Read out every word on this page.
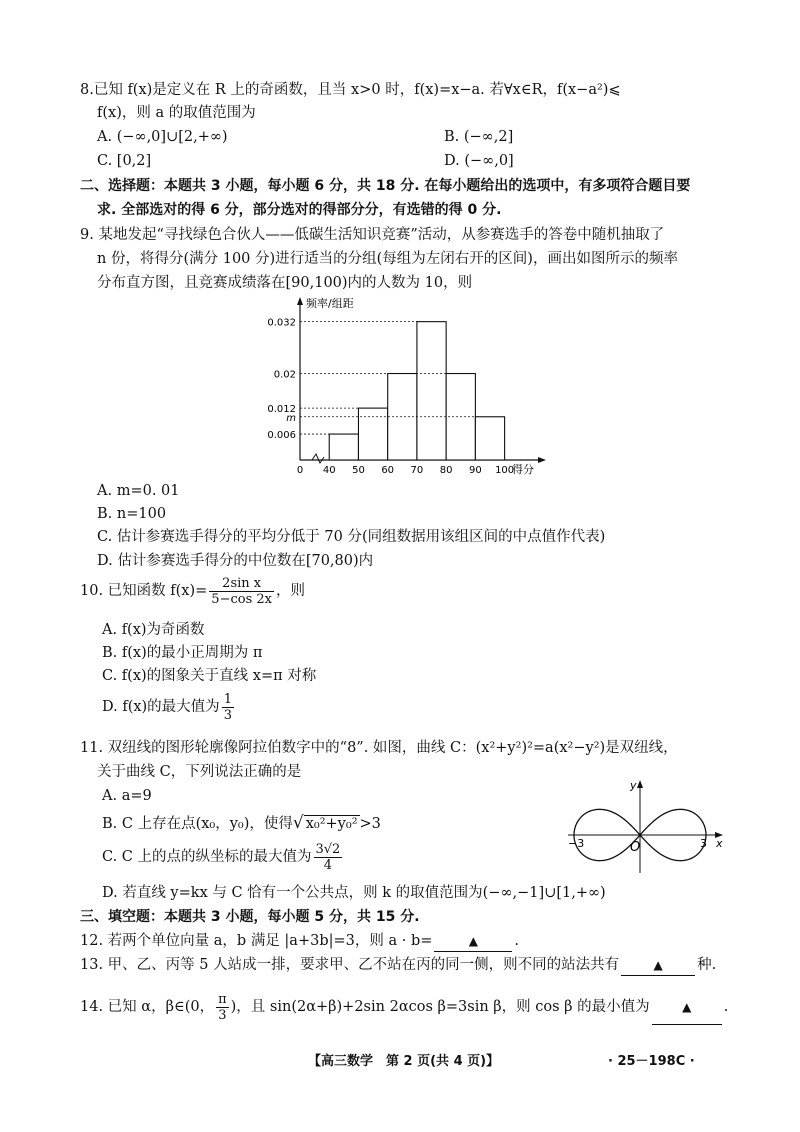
8.已知 f(x)是定义在 R 上的奇函数，且当 x>0 时，f(x)=x−a. 若∀x∈R，f(x−a²)⩽
f(x)，则 a 的取值范围为
A. (−∞,0]∪[2,+∞)	B. (−∞,2]
C. [0,2]	D. (−∞,0]
二、选择题：本题共 3 小题，每小题 6 分，共 18 分. 在每小题给出的选项中，有多项符合题目要
求. 全部选对的得 6 分，部分选对的得部分分，有选错的得 0 分.
9. 某地发起“寻找绿色合伙人——低碳生活知识竞赛”活动，从参赛选手的答卷中随机抽取了
n 份，将得分(满分 100 分)进行适当的分组(每组为左闭右开的区间)，画出如图所示的频率
分布直方图，且竞赛成绩落在[90,100)内的人数为 10，则
频率/组距
得分
0.032
0.02
0.012
m
0.006
0 40 50 60 70 80 90 100
A. m=0. 01
B. n=100
C. 估计参赛选手得分的平均分低于 70 分(同组数据用该组区间的中点值作代表)
D. 估计参赛选手得分的中位数在[70,80)内
10. 已知函数 $f(x)= \frac{\text{2sin x}}{5-\cos 2x}$ ，则
A. f(x)为奇函数
B. f(x)的最小正周期为 π
C. f(x)的图象关于直线 x=π 对称
D. f(x)的最大值为 $\frac{1}{3}$
11. 双纽线的图形轮廓像阿拉伯数字中的“8”. 如图，曲线 C：(x²+y²)²=a(x²−y²)是双纽线，
关于曲线 C，下列说法正确的是
A. a=9
B. C 上存在点(x₀，y₀)，使得√ x₀²+y₀² >3
C. C 上的点的纵坐标的最大值为 $\frac{3√2}{4}$
D. 若直线 y=kx 与 C 恰有一个公共点，则 k 的取值范围为(−∞,−1]∪[1,+∞)
y
x
O
−3	3
三、填空题：本题共 3 小题，每小题 5 分，共 15 分.
12. 若两个单位向量 a，b 满足 |a+3b|=3，则 a · b=	▲	.
13. 甲、乙、丙等 5 人站成一排，要求甲、乙不站在丙的同一侧，则不同的站法共有	▲ 种.
14. 已知 α，β∈(0， $\frac{\pi}{3}$ )，且 sin(2α+β)+2sin 2αcos β=3sin β，则 cos β 的最小值为	▲ .
【高三数学　第 2 页(共 4 页)】	· 25－198C ·
